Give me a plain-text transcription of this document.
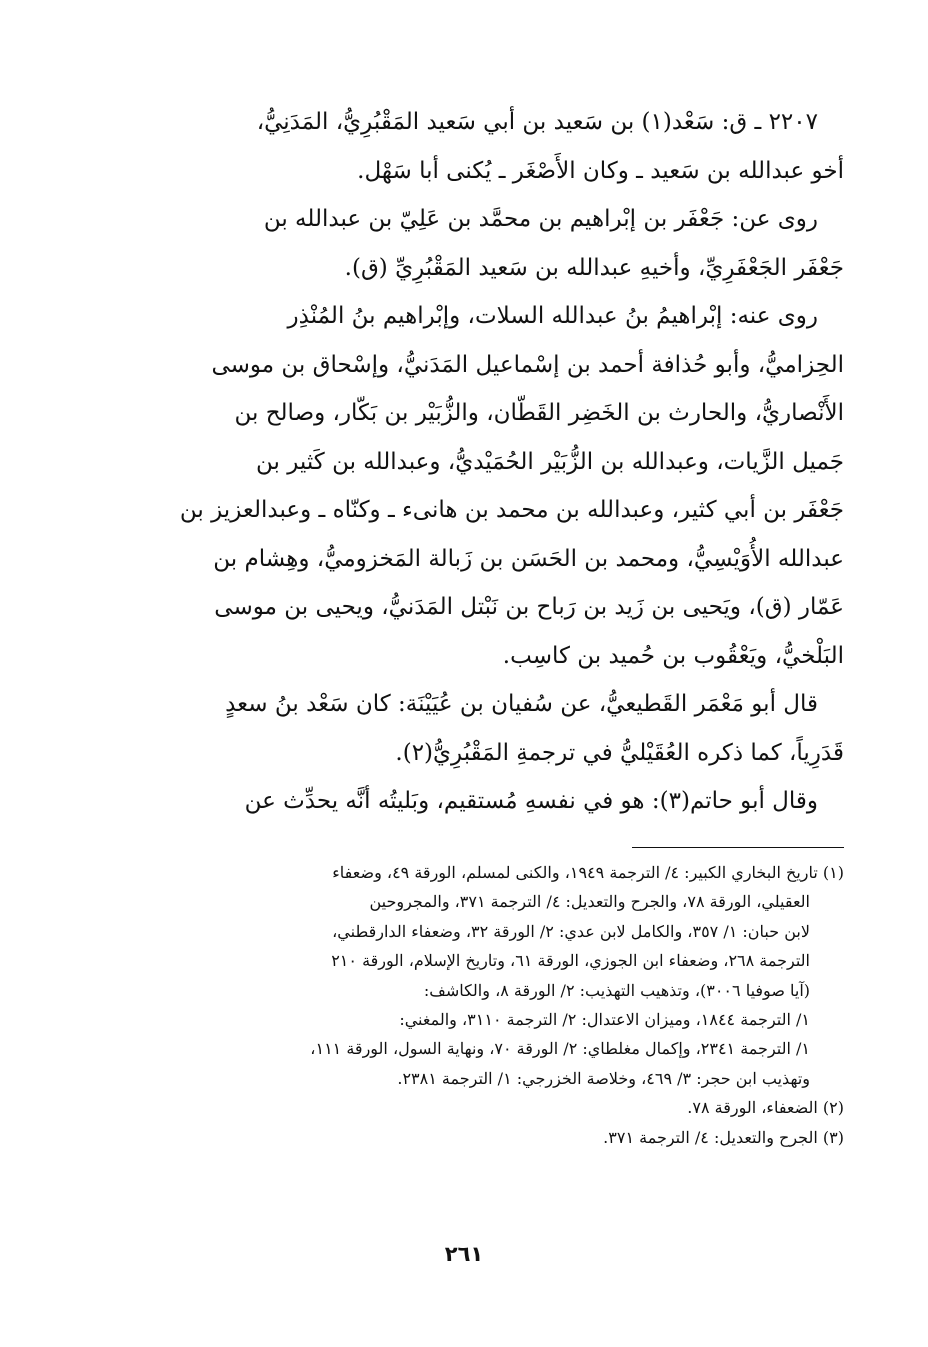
٢٢٠٧ ـ ق: سَعْد(١) بن سَعيد بن أبي سَعيد المَقْبُرِيُّ، المَدَنِيُّ،
أخو عبدالله بن سَعيد ـ وكان الأَصْغَر ـ يُكنى أبا سَهْل.
روى عن: جَعْفَر بن إبْراهيم بن محمَّد بن عَلِيّ بن عبدالله بن
جَعْفَر الجَعْفَرِيِّ، وأخيهِ عبدالله بن سَعيد المَقْبُرِيِّ (ق).
روى عنه: إبْراهيمُ بنُ عبدالله السلات، وإبْراهيم بنُ المُنْذِر
الحِزاميُّ، وأبو حُذافة أحمد بن إسْماعيل المَدَنيُّ، وإسْحاق بن موسى
الأَنْصاريُّ، والحارث بن الخَضِر القَطّان، والزُّبَيْر بن بَكّار، وصالح بن
جَميل الزَّيات، وعبدالله بن الزُّبَيْر الحُمَيْديُّ، وعبدالله بن كَثير بن
جَعْفَر بن أبي كثير، وعبدالله بن محمد بن هانىء ـ وكنّاه ـ وعبدالعزيز بن
عبدالله الأُوَيْسِيُّ، ومحمد بن الحَسَن بن زَبالة المَخزوميُّ، وهِشام بن
عَمّار (ق)، ويَحيى بن زَيد بن رَباح بن نَبْتل المَدَنيُّ، ويحيى بن موسى
البَلْخيُّ، ويَعْقُوب بن حُميد بن كاسِب.
قال أبو مَعْمَر القَطيعيُّ، عن سُفيان بن عُيَيْنَة: كان سَعْد بنُ سعدٍ
قَدَرِياً، كما ذكره العُقَيْليُّ في ترجمةِ المَقْبُرِيُّ(٢).
وقال أبو حاتم(٣): هو في نفسهِ مُستقيم، وبَليتُه أنَّه يحدِّث عن
(١) تاريخ البخاري الكبير: ٤/ الترجمة ١٩٤٩، والكنى لمسلم، الورقة ٤٩، وضعفاء
العقيلي، الورقة ٧٨، والجرح والتعديل: ٤/ الترجمة ٣٧١، والمجروحين
لابن حبان: ١/ ٣٥٧، والكامل لابن عدي: ٢/ الورقة ٣٢، وضعفاء الدارقطني،
الترجمة ٢٦٨، وضعفاء ابن الجوزي، الورقة ٦١، وتاريخ الإسلام، الورقة ٢١٠
(آيا صوفيا ٣٠٠٦)، وتذهيب التهذيب: ٢/ الورقة ٨، والكاشف:
١/ الترجمة ١٨٤٤، وميزان الاعتدال: ٢/ الترجمة ٣١١٠، والمغني:
١/ الترجمة ٢٣٤١، وإكمال مغلطاي: ٢/ الورقة ٧٠، ونهاية السول، الورقة ١١١،
وتهذيب ابن حجر: ٣/ ٤٦٩، وخلاصة الخزرجي: ١/ الترجمة ٢٣٨١.
(٢) الضعفاء، الورقة ٧٨.
(٣) الجرح والتعديل: ٤/ الترجمة ٣٧١.
٢٦١
